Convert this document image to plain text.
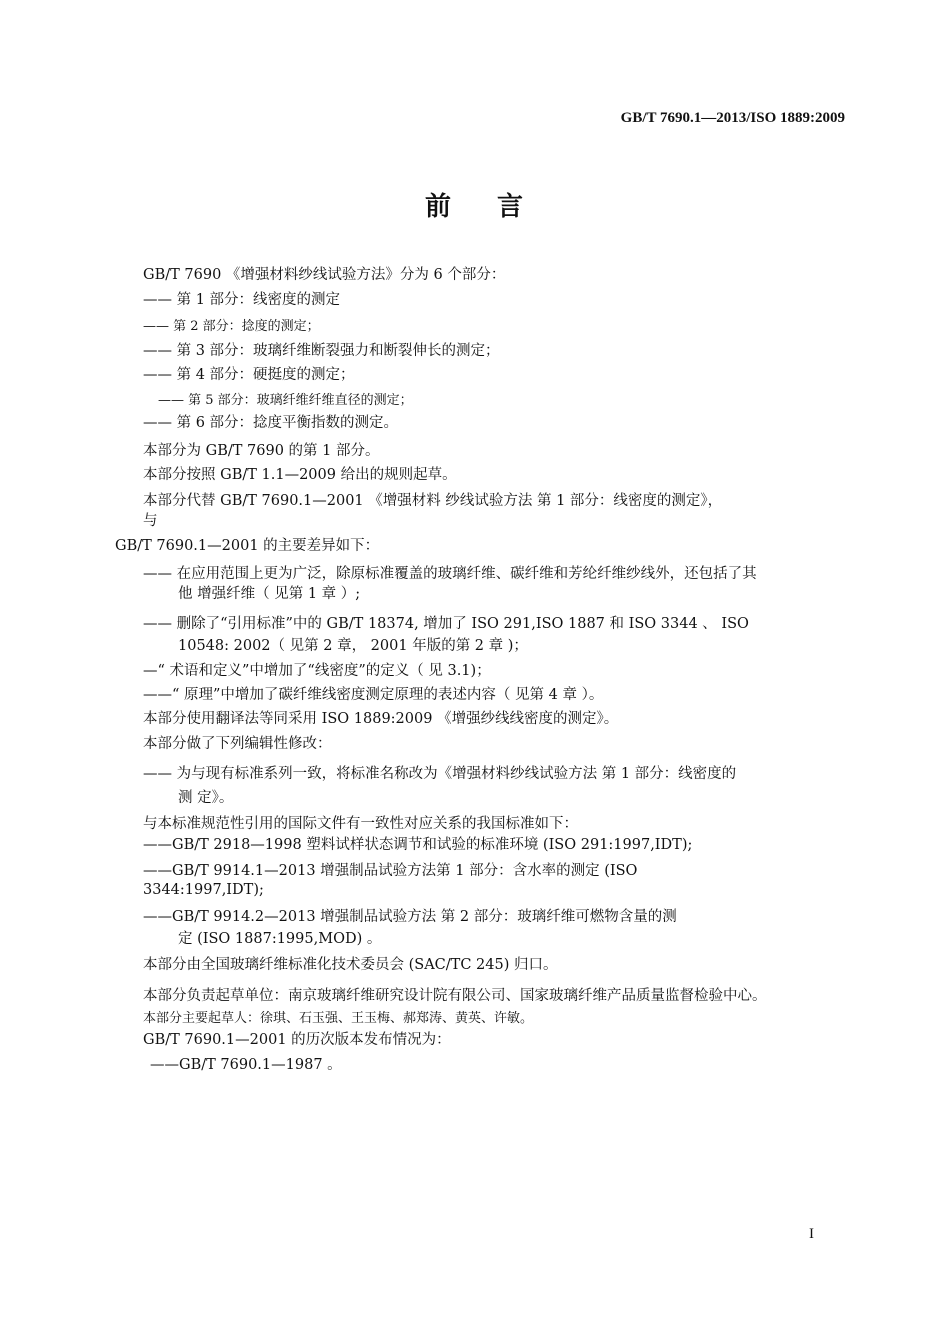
GB/T 7690.1—2013/ISO 1889:2009
前 言
GB/T 7690 《增强材料纱线试验方法》分为 6 个部分：
—— 第 1 部分：线密度的测定
—— 第 2 部分：捻度的测定；
—— 第 3 部分：玻璃纤维断裂强力和断裂伸长的测定；
—— 第 4 部分：硬挺度的测定；
—— 第 5 部分：玻璃纤维纤维直径的测定；
—— 第 6 部分：捻度平衡指数的测定。
本部分为 GB/T 7690 的第 1 部分。
本部分按照 GB/T 1.1—2009 给出的规则起草。
本部分代替 GB/T 7690.1—2001 《增强材料 纱线试验方法 第 1 部分：线密度的测定》，
与
GB/T 7690.1—2001 的主要差异如下：
—— 在应用范围上更为广泛，除原标准覆盖的玻璃纤维、碳纤维和芳纶纤维纱线外，还包括了其
他 增强纤维（ 见第 1 章 ）;
—— 删除了“引用标准”中的 GB/T 18374, 增加了 ISO 291,ISO 1887 和 ISO 3344 、 ISO
10548: 2002（ 见第 2 章， 2001 年版的第 2 章 )；
—“ 术语和定义”中增加了“线密度”的定义（ 见 3.1)；
——“ 原理”中增加了碳纤维线密度测定原理的表述内容（ 见第 4 章 ）。
本部分使用翻译法等同采用 ISO 1889:2009 《增强纱线线密度的测定》。
本部分做了下列编辑性修改：
—— 为与现有标准系列一致，将标准名称改为《增强材料纱线试验方法 第 1 部分：线密度的
测 定》。
与本标准规范性引用的国际文件有一致性对应关系的我国标准如下：
——GB/T 2918—1998 塑料试样状态调节和试验的标准环境 (ISO 291:1997,IDT);
——GB/T 9914.1—2013 增强制品试验方法第 1 部分：含水率的测定 (ISO
3344:1997,IDT);
——GB/T 9914.2—2013 增强制品试验方法 第 2 部分：玻璃纤维可燃物含量的测
定 (ISO 1887:1995,MOD) 。
本部分由全国玻璃纤维标准化技术委员会 (SAC/TC 245) 归口。
本部分负责起草单位：南京玻璃纤维研究设计院有限公司、国家玻璃纤维产品质量监督检验中心。
本部分主要起草人：徐琪、石玉强、王玉梅、郝郑涛、黄英、许敏。
GB/T 7690.1—2001 的历次版本发布情况为：
——GB/T 7690.1—1987 。
I
